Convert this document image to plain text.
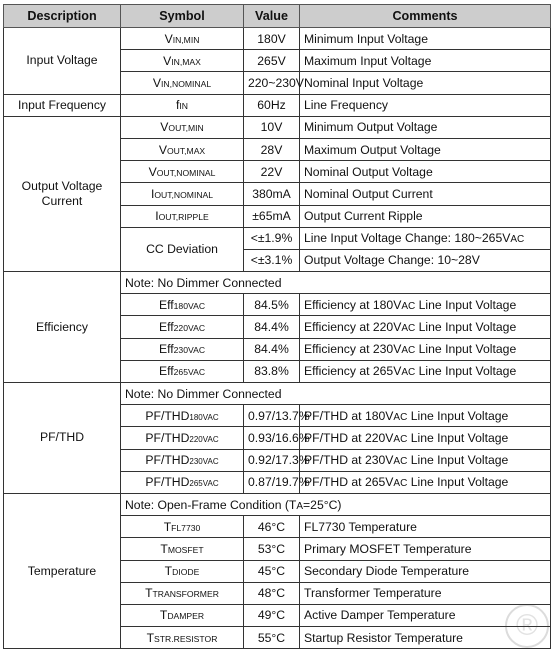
®
Description	Symbol	Value	Comments
Input Voltage	VIN,MIN	180V	Minimum Input Voltage
	VIN,MAX	265V	Maximum Input Voltage
	VIN,NOMINAL	220~230V	Nominal Input Voltage
Input Frequency	fIN	60Hz	Line Frequency
Output Voltage Current	VOUT,MIN	10V	Minimum Output Voltage
	VOUT,MAX	28V	Maximum Output Voltage
	VOUT,NOMINAL	22V	Nominal Output Voltage
	IOUT,NOMINAL	380mA	Nominal Output Current
	IOUT,RIPPLE	±65mA	Output Current Ripple
	CC Deviation	<±1.9%	Line Input Voltage Change: 180~265VAC
		<±3.1%	Output Voltage Change: 10~28V
Efficiency	Note: No Dimmer Connected		
	Eff180VAC	84.5%	Efficiency at 180VAC Line Input Voltage
	Eff220VAC	84.4%	Efficiency at 220VAC Line Input Voltage
	Eff230VAC	84.4%	Efficiency at 230VAC Line Input Voltage
	Eff265VAC	83.8%	Efficiency at 265VAC Line Input Voltage
PF/THD	Note: No Dimmer Connected		
	PF/THD180VAC	0.97/13.7%	PF/THD at 180VAC Line Input Voltage
	PF/THD220VAC	0.93/16.6%	PF/THD at 220VAC Line Input Voltage
	PF/THD230VAC	0.92/17.3%	PF/THD at 230VAC Line Input Voltage
	PF/THD265VAC	0.87/19.7%	PF/THD at 265VAC Line Input Voltage
Temperature	Note: Open-Frame Condition (TA=25°C)		
	TFL7730	46°C	FL7730 Temperature
	TMOSFET	53°C	Primary MOSFET Temperature
	TDIODE	45°C	Secondary Diode Temperature
	TTRANSFORMER	48°C	Transformer Temperature
	TDAMPER	49°C	Active Damper Temperature
	TSTR.RESISTOR	55°C	Startup Resistor Temperature
